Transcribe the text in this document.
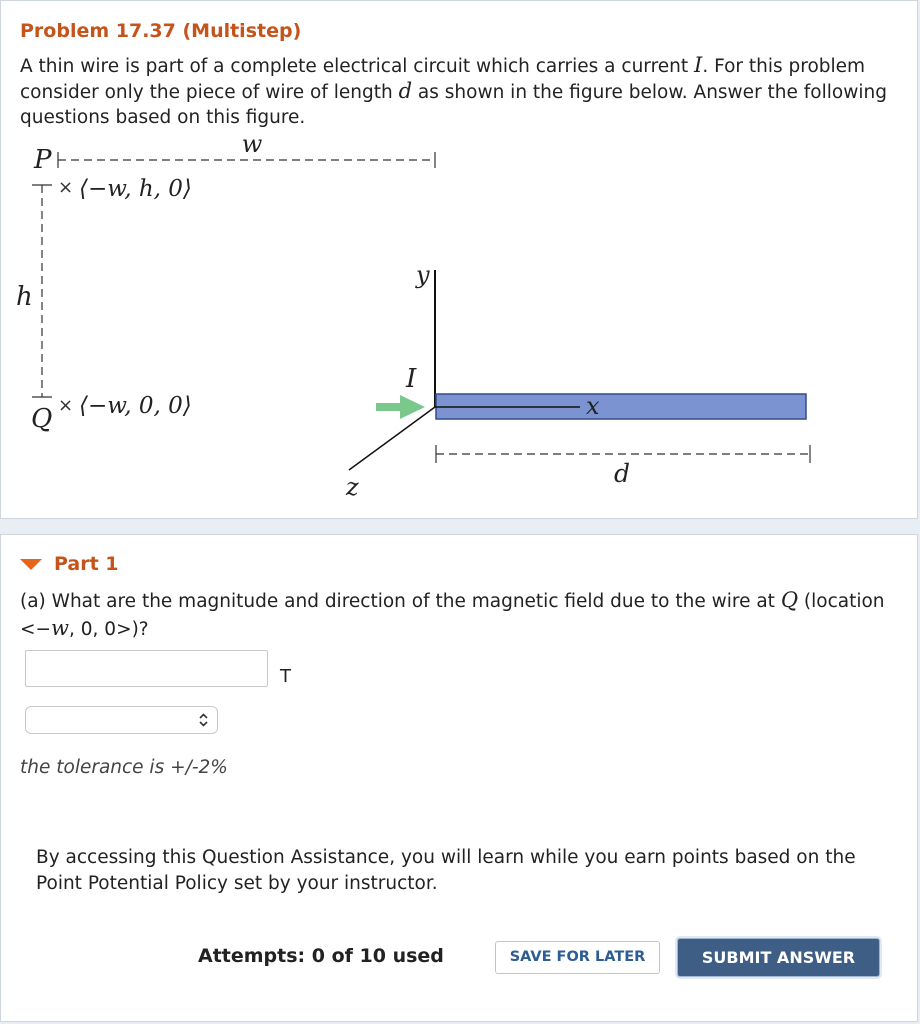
Problem 17.37 (Multistep)

A thin wire is part of a complete electrical circuit which carries a current I. For this problem consider only the piece of wire of length d as shown in the figure below. Answer the following questions based on this figure.

w
P
× ⟨−w, h, 0⟩
h
Q × ⟨−w, 0, 0⟩
y
z
x
I
d
Part 1

(a) What are the magnitude and direction of the magnetic field due to the wire at Q (location <−w, 0, 0>)?

T
the tolerance is +/-2%

By accessing this Question Assistance, you will learn while you earn points based on the Point Potential Policy set by your instructor.

Attempts: 0 of 10 used	SAVE FOR LATER	SUBMIT ANSWER
